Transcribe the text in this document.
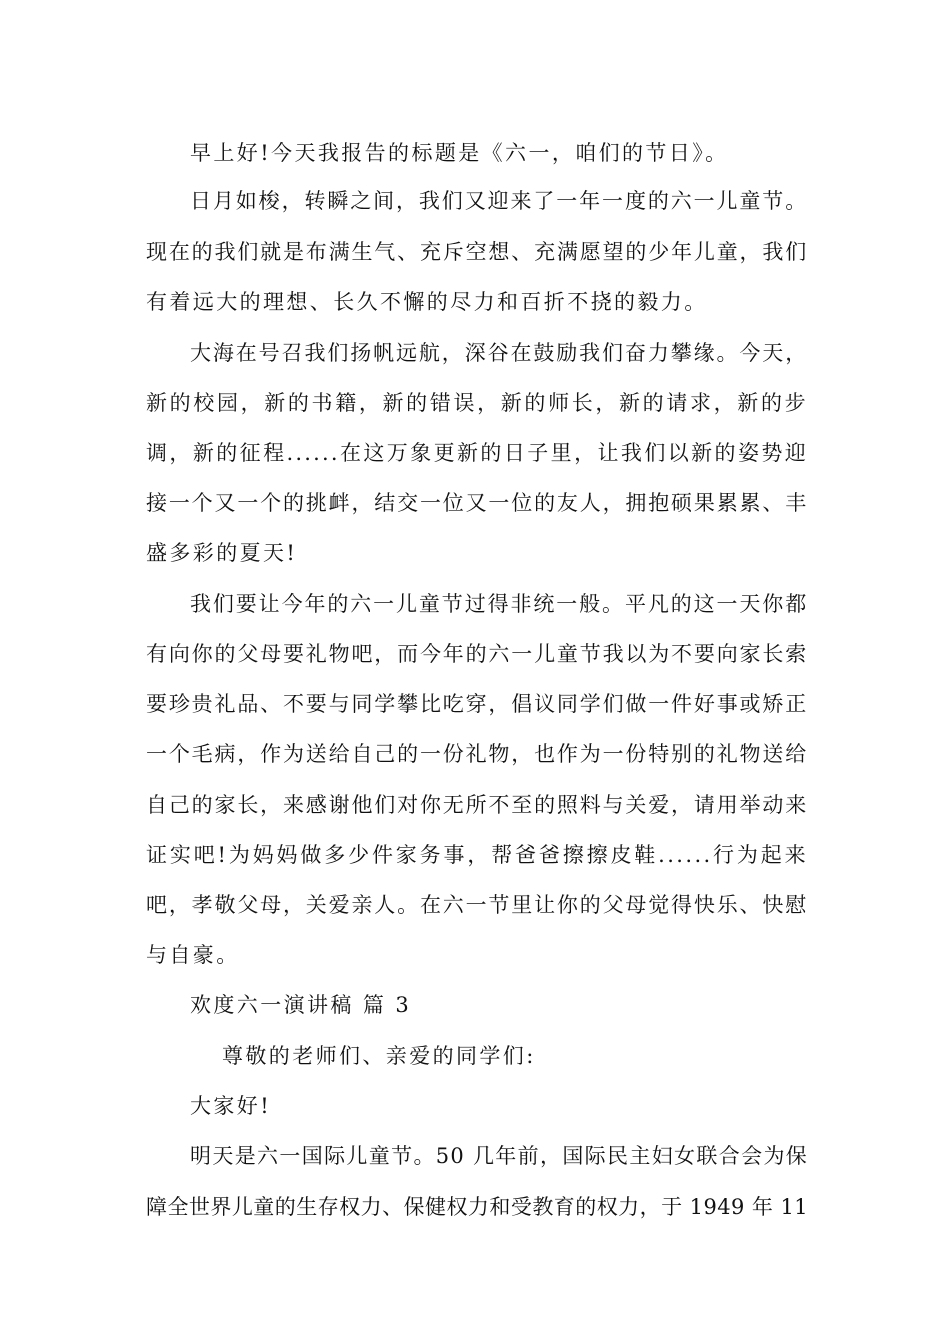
早上好!今天我报告的标题是《六一，咱们的节日》。
日月如梭，转瞬之间，我们又迎来了一年一度的六一儿童节。
现在的我们就是布满生气、充斥空想、充满愿望的少年儿童，我们
有着远大的理想、长久不懈的尽力和百折不挠的毅力。
大海在号召我们扬帆远航，深谷在鼓励我们奋力攀缘。今天，
新的校园，新的书籍，新的错误，新的师长，新的请求，新的步
调，新的征程......在这万象更新的日子里，让我们以新的姿势迎
接一个又一个的挑衅，结交一位又一位的友人，拥抱硕果累累、丰
盛多彩的夏天!
我们要让今年的六一儿童节过得非统一般。平凡的这一天你都
有向你的父母要礼物吧，而今年的六一儿童节我以为不要向家长索
要珍贵礼品、不要与同学攀比吃穿，倡议同学们做一件好事或矫正
一个毛病，作为送给自己的一份礼物，也作为一份特别的礼物送给
自己的家长，来感谢他们对你无所不至的照料与关爱，请用举动来
证实吧!为妈妈做多少件家务事，帮爸爸擦擦皮鞋......行为起来
吧，孝敬父母，关爱亲人。在六一节里让你的父母觉得快乐、快慰
与自豪。
欢度六一演讲稿 篇 3
尊敬的老师们、亲爱的同学们:
大家好!
明天是六一国际儿童节。50 几年前，国际民主妇女联合会为保
障全世界儿童的生存权力、保健权力和受教育的权力，于 1949 年 11
